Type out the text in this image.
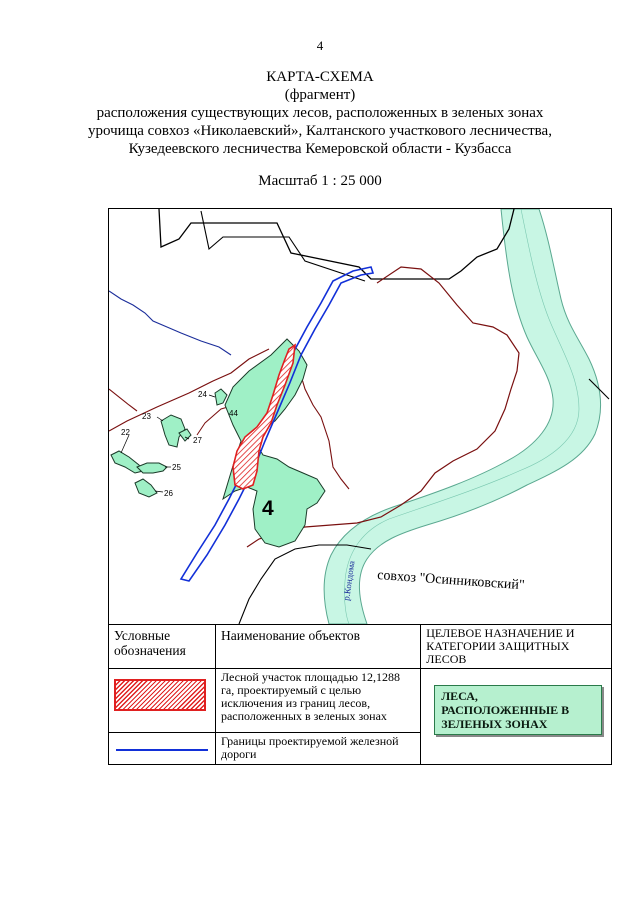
4
КАРТА-СХЕМА
(фрагмент)
расположения существующих лесов, расположенных в зеленых зонах
урочища совхоз «Николаевский», Калтанского участкового лесничества,
Кузедеевского лесничества Кемеровской области - Кузбасса
Масштаб 1 : 25 000
22
23
24
25
26
27
44
4
р.Кондома совхоз "Осинниковский"
Условные обозначения	Наименование объектов	ЦЕЛЕВОЕ НАЗНАЧЕНИЕ И КАТЕГОРИИ ЗАЩИТНЫХ ЛЕСОВ

	Лесной участок площадью 12,1288 га, проектируемый с целью исключения из границ лесов, расположенных в зеленых зонах	ЛЕСА, РАСПОЛОЖЕННЫЕ В ЗЕЛЕНЫХ ЗОНАХ

	Границы проектируемой железной дороги	
